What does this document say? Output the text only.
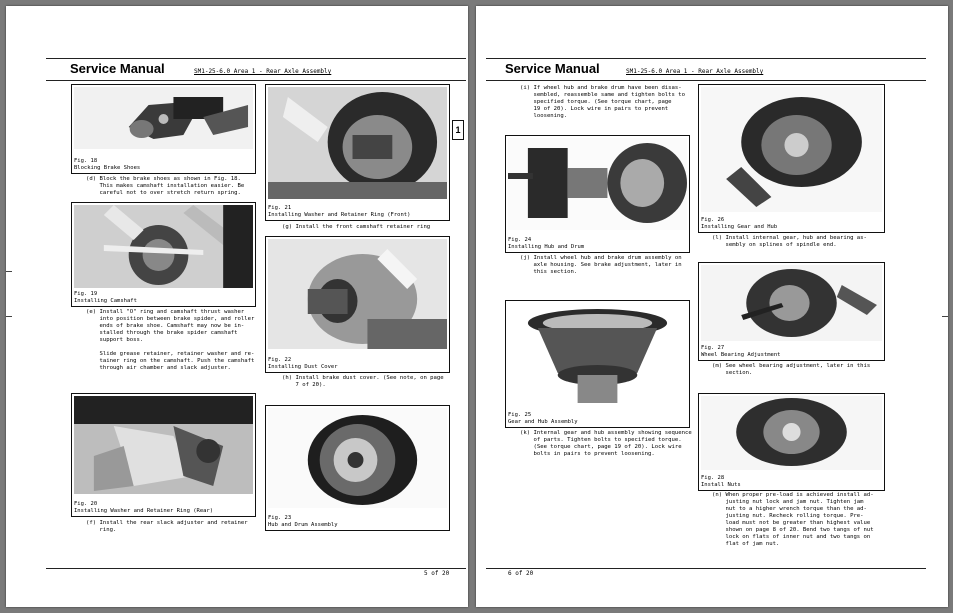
Service Manual	SM1-25-6.0 Area 1 - Rear Axle Assembly
1
Fig. 18
Blocking Brake Shoes
(d) Block the brake shoes as shown in Fig. 18.
This makes camshaft installation easier. Be
careful not to over stretch return spring.
Fig. 19
Installing Camshaft
(e) Install "O" ring and camshaft thrust washer
into position between brake spider, and roller
ends of brake shoe. Camshaft may now be in-
stalled through the brake spider camshaft
support boss.
Slide grease retainer, retainer washer and re-
tainer ring on the camshaft. Push the camshaft
through air chamber and slack adjuster.
Fig. 20
Installing Washer and Retainer Ring (Rear)
(f) Install the rear slack adjuster and retainer
ring.
Fig. 21
Installing Washer and Retainer Ring (Front)
(g) Install the front camshaft retainer ring
Fig. 22
Installing Dust Cover
(h) Install brake dust cover. (See note, on page
7 of 20).
Fig. 23
Hub and Drum Assembly
5 of 20
Service Manual	SM1-25-6.0 Area 1 - Rear Axle Assembly
(i) If wheel hub and brake drum have been disas-
sembled, reassemble same and tighten bolts to
specified torque. (See torque chart, page
19 of 20). Lock wire in pairs to prevent
loosening.
Fig. 24
Installing Hub and Drum
(j) Install wheel hub and brake drum assembly on
axle housing. See brake adjustment, later in
this section.
Fig. 25
Gear and Hub Assembly
(k) Internal gear and hub assembly showing sequence
of parts. Tighten bolts to specified torque.
(See torque chart, page 19 of 20). Lock wire
bolts in pairs to prevent loosening.
Fig. 26
Installing Gear and Hub
(l) Install internal gear, hub and bearing as-
sembly on splines of spindle end.
Fig. 27
Wheel Bearing Adjustment
(m) See wheel bearing adjustment, later in this
section.
Fig. 28
Install Nuts
(n) When proper pre-load is achieved install ad-
justing nut lock and jam nut. Tighten jam
nut to a higher wrench torque than the ad-
justing nut. Recheck rolling torque. Pre-
load must not be greater than highest value
shown on page 8 of 20. Bend two tangs of nut
lock on flats of inner nut and two tangs on
flat of jam nut.
6 of 20
